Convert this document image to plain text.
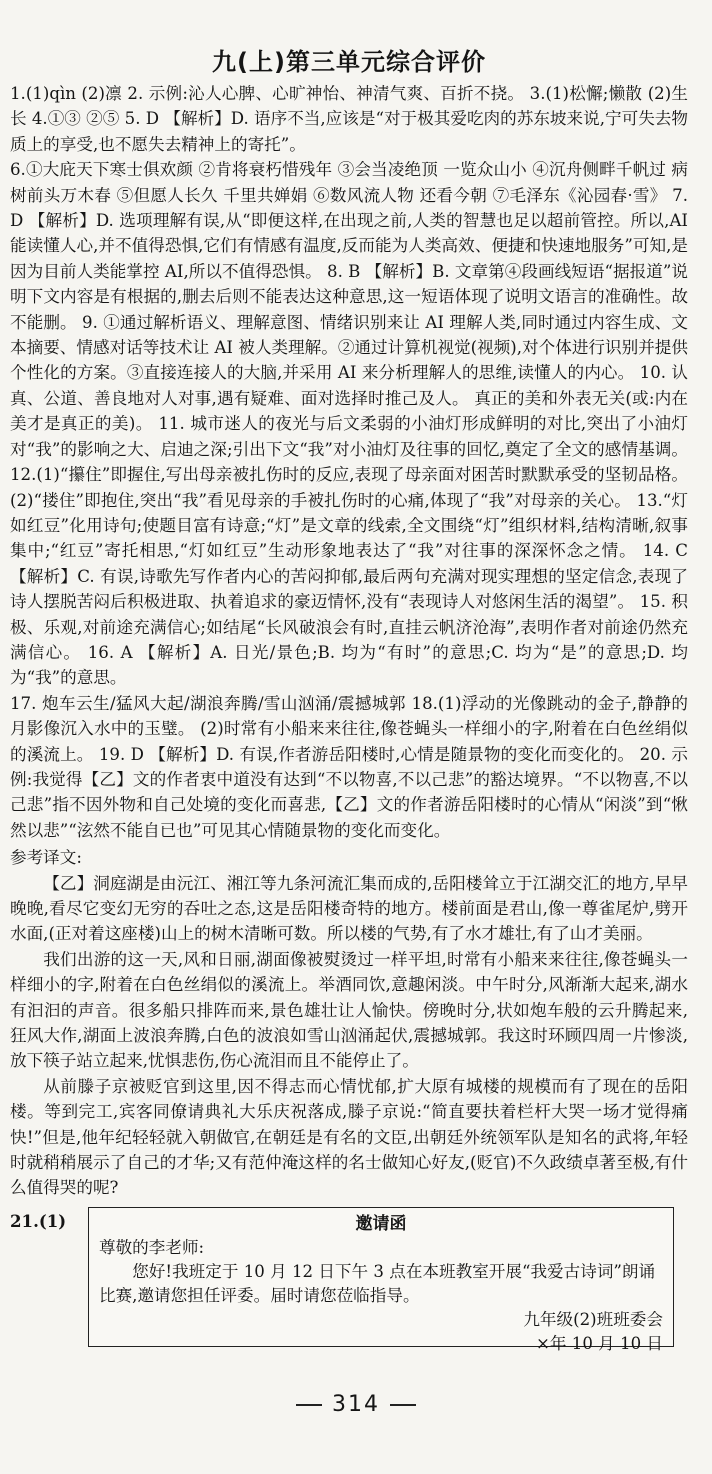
九(上)第三单元综合评价

1.(1)qìn (2)凛 2. 示例:沁人心脾、心旷神怡、神清气爽、百折不挠。 3.(1)松懈;懒散 (2)生长 4.①③ ②⑤ 5. D 【解析】D. 语序不当,应该是“对于极其爱吃肉的苏东坡来说,宁可失去物质上的享受,也不愿失去精神上的寄托”。

6.①大庇天下寒士俱欢颜 ②肯将衰朽惜残年 ③会当凌绝顶 一览众山小 ④沉舟侧畔千帆过 病树前头万木春 ⑤但愿人长久 千里共婵娟 ⑥数风流人物 还看今朝 ⑦毛泽东《沁园春·雪》 7. D 【解析】D. 选项理解有误,从“即便这样,在出现之前,人类的智慧也足以超前管控。所以,AI 能读懂人心,并不值得恐惧,它们有情感有温度,反而能为人类高效、便捷和快速地服务”可知,是因为目前人类能掌控 AI,所以不值得恐惧。 8. B 【解析】B. 文章第④段画线短语“据报道”说明下文内容是有根据的,删去后则不能表达这种意思,这一短语体现了说明文语言的准确性。故不能删。 9. ①通过解析语义、理解意图、情绪识别来让 AI 理解人类,同时通过内容生成、文本摘要、情感对话等技术让 AI 被人类理解。②通过计算机视觉(视频),对个体进行识别并提供个性化的方案。③直接连接人的大脑,并采用 AI 来分析理解人的思维,读懂人的内心。 10. 认真、公道、善良地对人对事,遇有疑难、面对选择时推己及人。 真正的美和外表无关(或:内在美才是真正的美)。 11. 城市迷人的夜光与后文柔弱的小油灯形成鲜明的对比,突出了小油灯对“我”的影响之大、启迪之深;引出下文“我”对小油灯及往事的回忆,奠定了全文的感情基调。 12.(1)“攥住”即握住,写出母亲被扎伤时的反应,表现了母亲面对困苦时默默承受的坚韧品格。 (2)“搂住”即抱住,突出“我”看见母亲的手被扎伤时的心痛,体现了“我”对母亲的关心。 13.“灯如红豆”化用诗句;使题目富有诗意;“灯”是文章的线索,全文围绕“灯”组织材料,结构清晰,叙事集中;“红豆”寄托相思,“灯如红豆”生动形象地表达了“我”对往事的深深怀念之情。 14. C 【解析】C. 有误,诗歌先写作者内心的苦闷抑郁,最后两句充满对现实理想的坚定信念,表现了诗人摆脱苦闷后积极进取、执着追求的豪迈情怀,没有“表现诗人对悠闲生活的渴望”。 15. 积极、乐观,对前途充满信心;如结尾“长风破浪会有时,直挂云帆济沧海”,表明作者对前途仍然充满信心。 16. A 【解析】A. 日光/景色;B. 均为“有时”的意思;C. 均为“是”的意思;D. 均为“我”的意思。

17. 炮车云生/猛风大起/湖浪奔腾/雪山汹涌/震撼城郭 18.(1)浮动的光像跳动的金子,静静的月影像沉入水中的玉璧。 (2)时常有小船来来往往,像苍蝇头一样细小的字,附着在白色丝绢似的溪流上。 19. D 【解析】D. 有误,作者游岳阳楼时,心情是随景物的变化而变化的。 20. 示例:我觉得【乙】文的作者衷中道没有达到“不以物喜,不以己悲”的豁达境界。“不以物喜,不以己悲”指不因外物和自己处境的变化而喜悲,【乙】文的作者游岳阳楼时的心情从“闲淡”到“愀然以悲”“泫然不能自已也”可见其心情随景物的变化而变化。

参考译文:

【乙】洞庭湖是由沅江、湘江等九条河流汇集而成的,岳阳楼耸立于江湖交汇的地方,早早晚晚,看尽它变幻无穷的吞吐之态,这是岳阳楼奇特的地方。楼前面是君山,像一尊雀尾炉,劈开水面,(正对着这座楼)山上的树木清晰可数。所以楼的气势,有了水才雄壮,有了山才美丽。

我们出游的这一天,风和日丽,湖面像被熨烫过一样平坦,时常有小船来来往往,像苍蝇头一样细小的字,附着在白色丝绢似的溪流上。举酒同饮,意趣闲淡。中午时分,风渐渐大起来,湖水有汩汩的声音。很多船只排阵而来,景色雄壮让人愉快。傍晚时分,状如炮车般的云升腾起来,狂风大作,湖面上波浪奔腾,白色的波浪如雪山汹涌起伏,震撼城郭。我这时环顾四周一片惨淡,放下筷子站立起来,忧惧悲伤,伤心流泪而且不能停止了。

从前滕子京被贬官到这里,因不得志而心情忧郁,扩大原有城楼的规模而有了现在的岳阳楼。等到完工,宾客同僚请典礼大乐庆祝落成,滕子京说:“简直要扶着栏杆大哭一场才觉得痛快!”但是,他年纪轻轻就入朝做官,在朝廷是有名的文臣,出朝廷外统领军队是知名的武将,年轻时就稍稍展示了自己的才华;又有范仲淹这样的名士做知心好友,(贬官)不久政绩卓著至极,有什么值得哭的呢?

21.(1)	邀请函

尊敬的李老师:

您好!我班定于 10 月 12 日下午 3 点在本班教室开展“我爱古诗词”朗诵比赛,邀请您担任评委。届时请您莅临指导。

九年级(2)班班委会

×年 10 月 10 日

314
